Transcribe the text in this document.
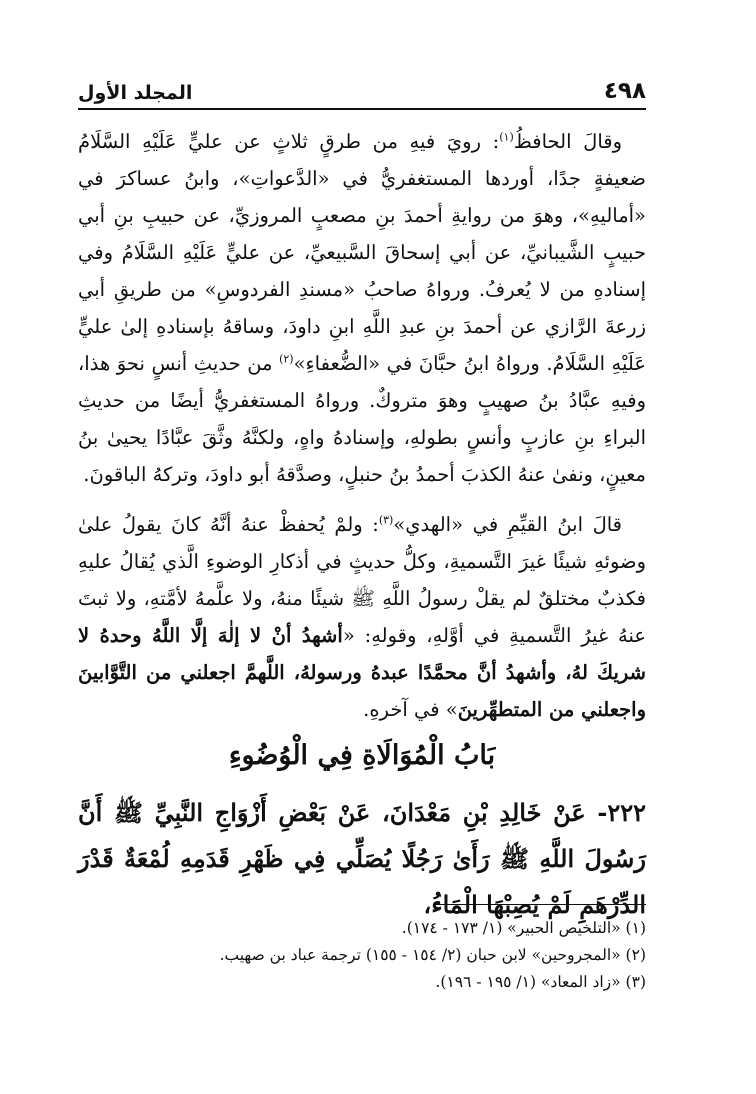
٤٩٨
المجلد الأول

وقالَ الحافظُ$^{(١)}$: رويَ فيهِ من طرقٍ ثلاثٍ عن عليٍّ عَلَيْهِ السَّلَامُ ضعيفةٍ جدًا، أوردها المستغفريُّ في «الدَّعواتِ»، وابنُ عساكرَ في «أماليهِ»، وهوَ من روايةِ أحمدَ بنِ مصعبٍ المروزيِّ، عن حبيبِ بنِ أبي حبيبٍ الشَّيبانيِّ، عن أبي إسحاقَ السَّبيعيِّ، عن عليٍّ عَلَيْهِ السَّلَامُ وفي إسنادهِ من لا يُعرفُ. ورواهُ صاحبُ «مسندِ الفردوسِ» من طريقِ أبي زرعةَ الرَّازي عن أحمدَ بنِ عبدِ اللَّهِ ابنِ داودَ، وساقهُ بإسنادهِ إلىٰ عليٍّ عَلَيْهِ السَّلَامُ. ورواهُ ابنُ حبَّانَ في «الضُّعفاءِ»$^{(٢)}$ من حديثِ أنسٍ نحوَ هذا، وفيهِ عبَّادُ بنُ صهيبٍ وهوَ متروكٌ. ورواهُ المستغفريُّ أيضًا من حديثِ البراءِ بنِ عازبٍ وأنسٍ بطولهِ، وإسنادهُ واهٍ، ولكنَّهُ وثَّقَ عبَّادًا يحيىٰ بنُ معينٍ، ونفىٰ عنهُ الكذبَ أحمدُ بنُ حنبلٍ، وصدَّقهُ أبو داودَ، وتركهُ الباقونَ.

قالَ ابنُ القيِّمِ في «الهدي»$^{(٣)}$: ولمْ يُحفظْ عنهُ أنَّهُ كانَ يقولُ علىٰ وضوئهِ شيئًا غيرَ التَّسميةِ، وكلُّ حديثٍ في أذكارِ الوضوءِ الَّذي يُقالُ عليهِ فكذبٌ مختلقٌ لم يقلْ رسولُ اللَّهِ ﷺ شيئًا منهُ، ولا علَّمهُ لأمَّتهِ، ولا ثبتَ عنهُ غيرُ التَّسميةِ في أوَّلهِ، وقولهِ: «أشهدُ أنْ لا إلٰهَ إلَّا اللَّهُ وحدهُ لا شريكَ لهُ، وأشهدُ أنَّ محمَّدًا عبدهُ ورسولهُ، اللَّهمَّ اجعلني من التَّوَّابينَ واجعلني من المتطهِّرينَ» في آخرهِ.

بَابُ الْمُوَالَاةِ فِي الْوُضُوءِ
٢٢٢- عَنْ خَالِدِ بْنِ مَعْدَانَ، عَنْ بَعْضِ أَزْوَاجِ النَّبِيِّ ﷺ أَنَّ رَسُولَ اللَّهِ ﷺ رَأَىٰ رَجُلًا يُصَلِّي فِي ظَهْرِ قَدَمِهِ لُمْعَةٌ قَدْرَ الدِّرْهَمِ لَمْ يُصِبْهَا الْمَاءُ،

(١) «التلخيص الحبير» (١/ ١٧٣ - ١٧٤).

(٢) «المجروحين» لابن حبان (٢/ ١٥٤ - ١٥٥) ترجمة عباد بن صهيب.

(٣) «زاد المعاد» (١/ ١٩٥ - ١٩٦).
